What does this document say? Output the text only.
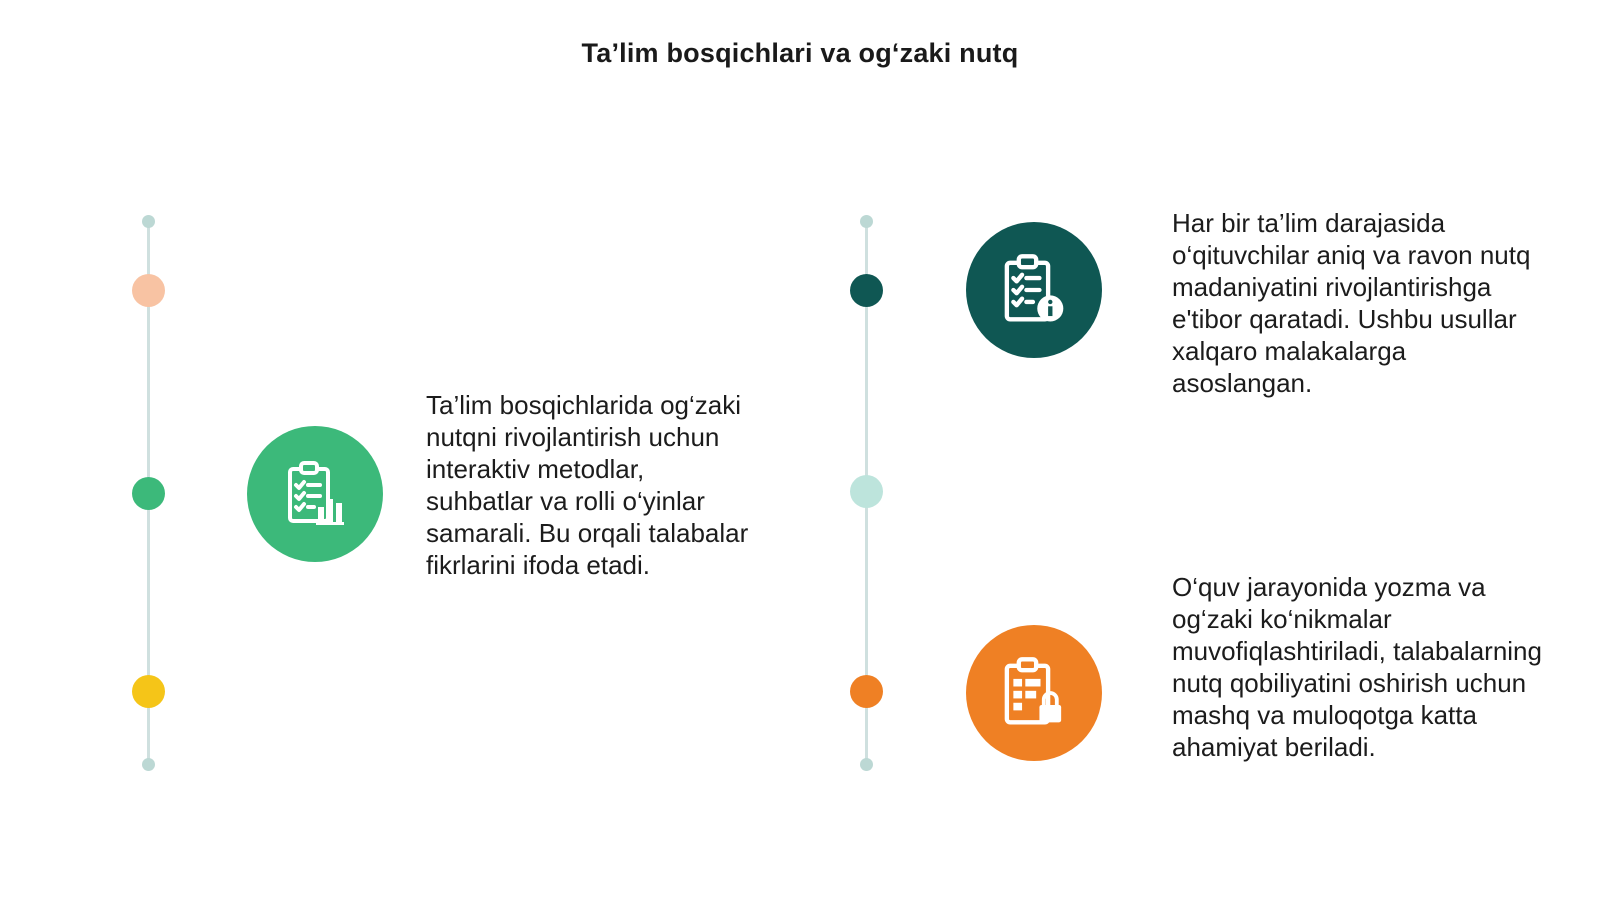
Ta’lim bosqichlari va og‘zaki nutq

Ta’lim bosqichlarida og‘zaki nutqni rivojlantirish uchun interaktiv metodlar, suhbatlar va rolli o‘yinlar samarali. Bu orqali talabalar fikrlarini ifoda etadi.

Har bir ta’lim darajasida o‘qituvchilar aniq va ravon nutq madaniyatini rivojlantirishga e'tibor qaratadi. Ushbu usullar xalqaro malakalarga asoslangan.

O‘quv jarayonida yozma va og‘zaki ko‘nikmalar muvofiqlashtiriladi, talabalarning nutq qobiliyatini oshirish uchun mashq va muloqotga katta ahamiyat beriladi.
